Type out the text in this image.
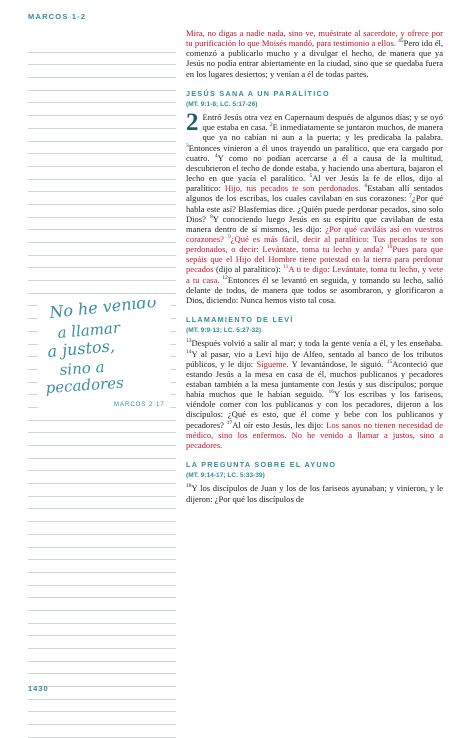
MARCOS 1-2
No he venido
a llamar
a justos,
sino a
pecadores
MARCOS 2:17

Mira, no digas a nadie nada, sino ve, muéstrate al sacerdote, y ofrece por tu purificación lo que Moisés mandó, para testimonio a ellos. $^{45}$Pero ido él, comenzó a publicarlo mucho y a divulgar el hecho, de manera que ya Jesús no podía entrar abiertamente en la ciudad, sino que se quedaba fuera en los lugares desiertos; y venían a él de todas partes.

JESÚS SANA A UN PARALÍTICO
(MT. 9:1-8; LC. 5:17-26)

2 Entró Jesús otra vez en Capernaum después de algunos días; y se oyó que estaba en casa. $^2$E inmediatamente se juntaron muchos, de manera que ya no cabían ni aun a la puerta; y les predicaba la palabra. $^3$Entonces vinieron a él unos trayendo un paralítico, que era cargado por cuatro. $^4$Y como no podían acercarse a él a causa de la multitud, descubrieron el techo de donde estaba, y haciendo una abertura, bajaron el lecho en que yacía el paralítico. $^5$Al ver Jesús la fe de ellos, dijo al paralítico: Hijo, tus pecados te son perdonados. $^6$Estaban allí sentados algunos de los escribas, los cuales cavilaban en sus corazones: $^7$¿Por qué habla este así? Blasfemias dice. ¿Quién puede perdonar pecados, sino solo Dios? $^8$Y conociendo luego Jesús en su espíritu que cavilaban de esta manera dentro de sí mismos, les dijo: ¿Por qué caviláis así en vuestros corazones? $^9$¿Qué es más fácil, decir al paralítico: Tus pecados te son perdonados, o decir: Levántate, toma tu lecho y anda? $^{10}$Pues para que sepáis que el Hijo del Hombre tiene potestad en la tierra para perdonar pecados (dijo al paralítico): $^{11}$A ti te digo: Levántate, toma tu lecho, y vete a tu casa. $^{12}$Entonces él se levantó en seguida, y tomando su lecho, salió delante de todos, de manera que todos se asombraron, y glorificaron a Dios, diciendo: Nunca hemos visto tal cosa.

LLAMAMIENTO DE LEVÍ
(MT. 9:9-13; LC. 5:27-32)

$^{13}$Después volvió a salir al mar; y toda la gente venía a él, y les enseñaba. $^{14}$Y al pasar, vio a Leví hijo de Alfeo, sentado al banco de los tributos públicos, y le dijo: Sígueme. Y levantándose, le siguió. $^{15}$Aconteció que estando Jesús a la mesa en casa de él, muchos publicanos y pecadores estaban también a la mesa juntamente con Jesús y sus discípulos; porque había muchos que le habían seguido. $^{16}$Y los escribas y los fariseos, viéndole comer con los publicanos y con los pecadores, dijeron a los discípulos: ¿Qué es esto, que él come y bebe con los publicanos y pecadores? $^{17}$Al oír esto Jesús, les dijo: Los sanos no tienen necesidad de médico, sino los enfermos. No he venido a llamar a justos, sino a pecadores.

LA PREGUNTA SOBRE EL AYUNO
(MT. 9:14-17; LC. 5:33-39)

$^{18}$Y los discípulos de Juan y los de los fariseos ayunaban; y vinieron, y le dijeron: ¿Por qué los discípulos de

1430
